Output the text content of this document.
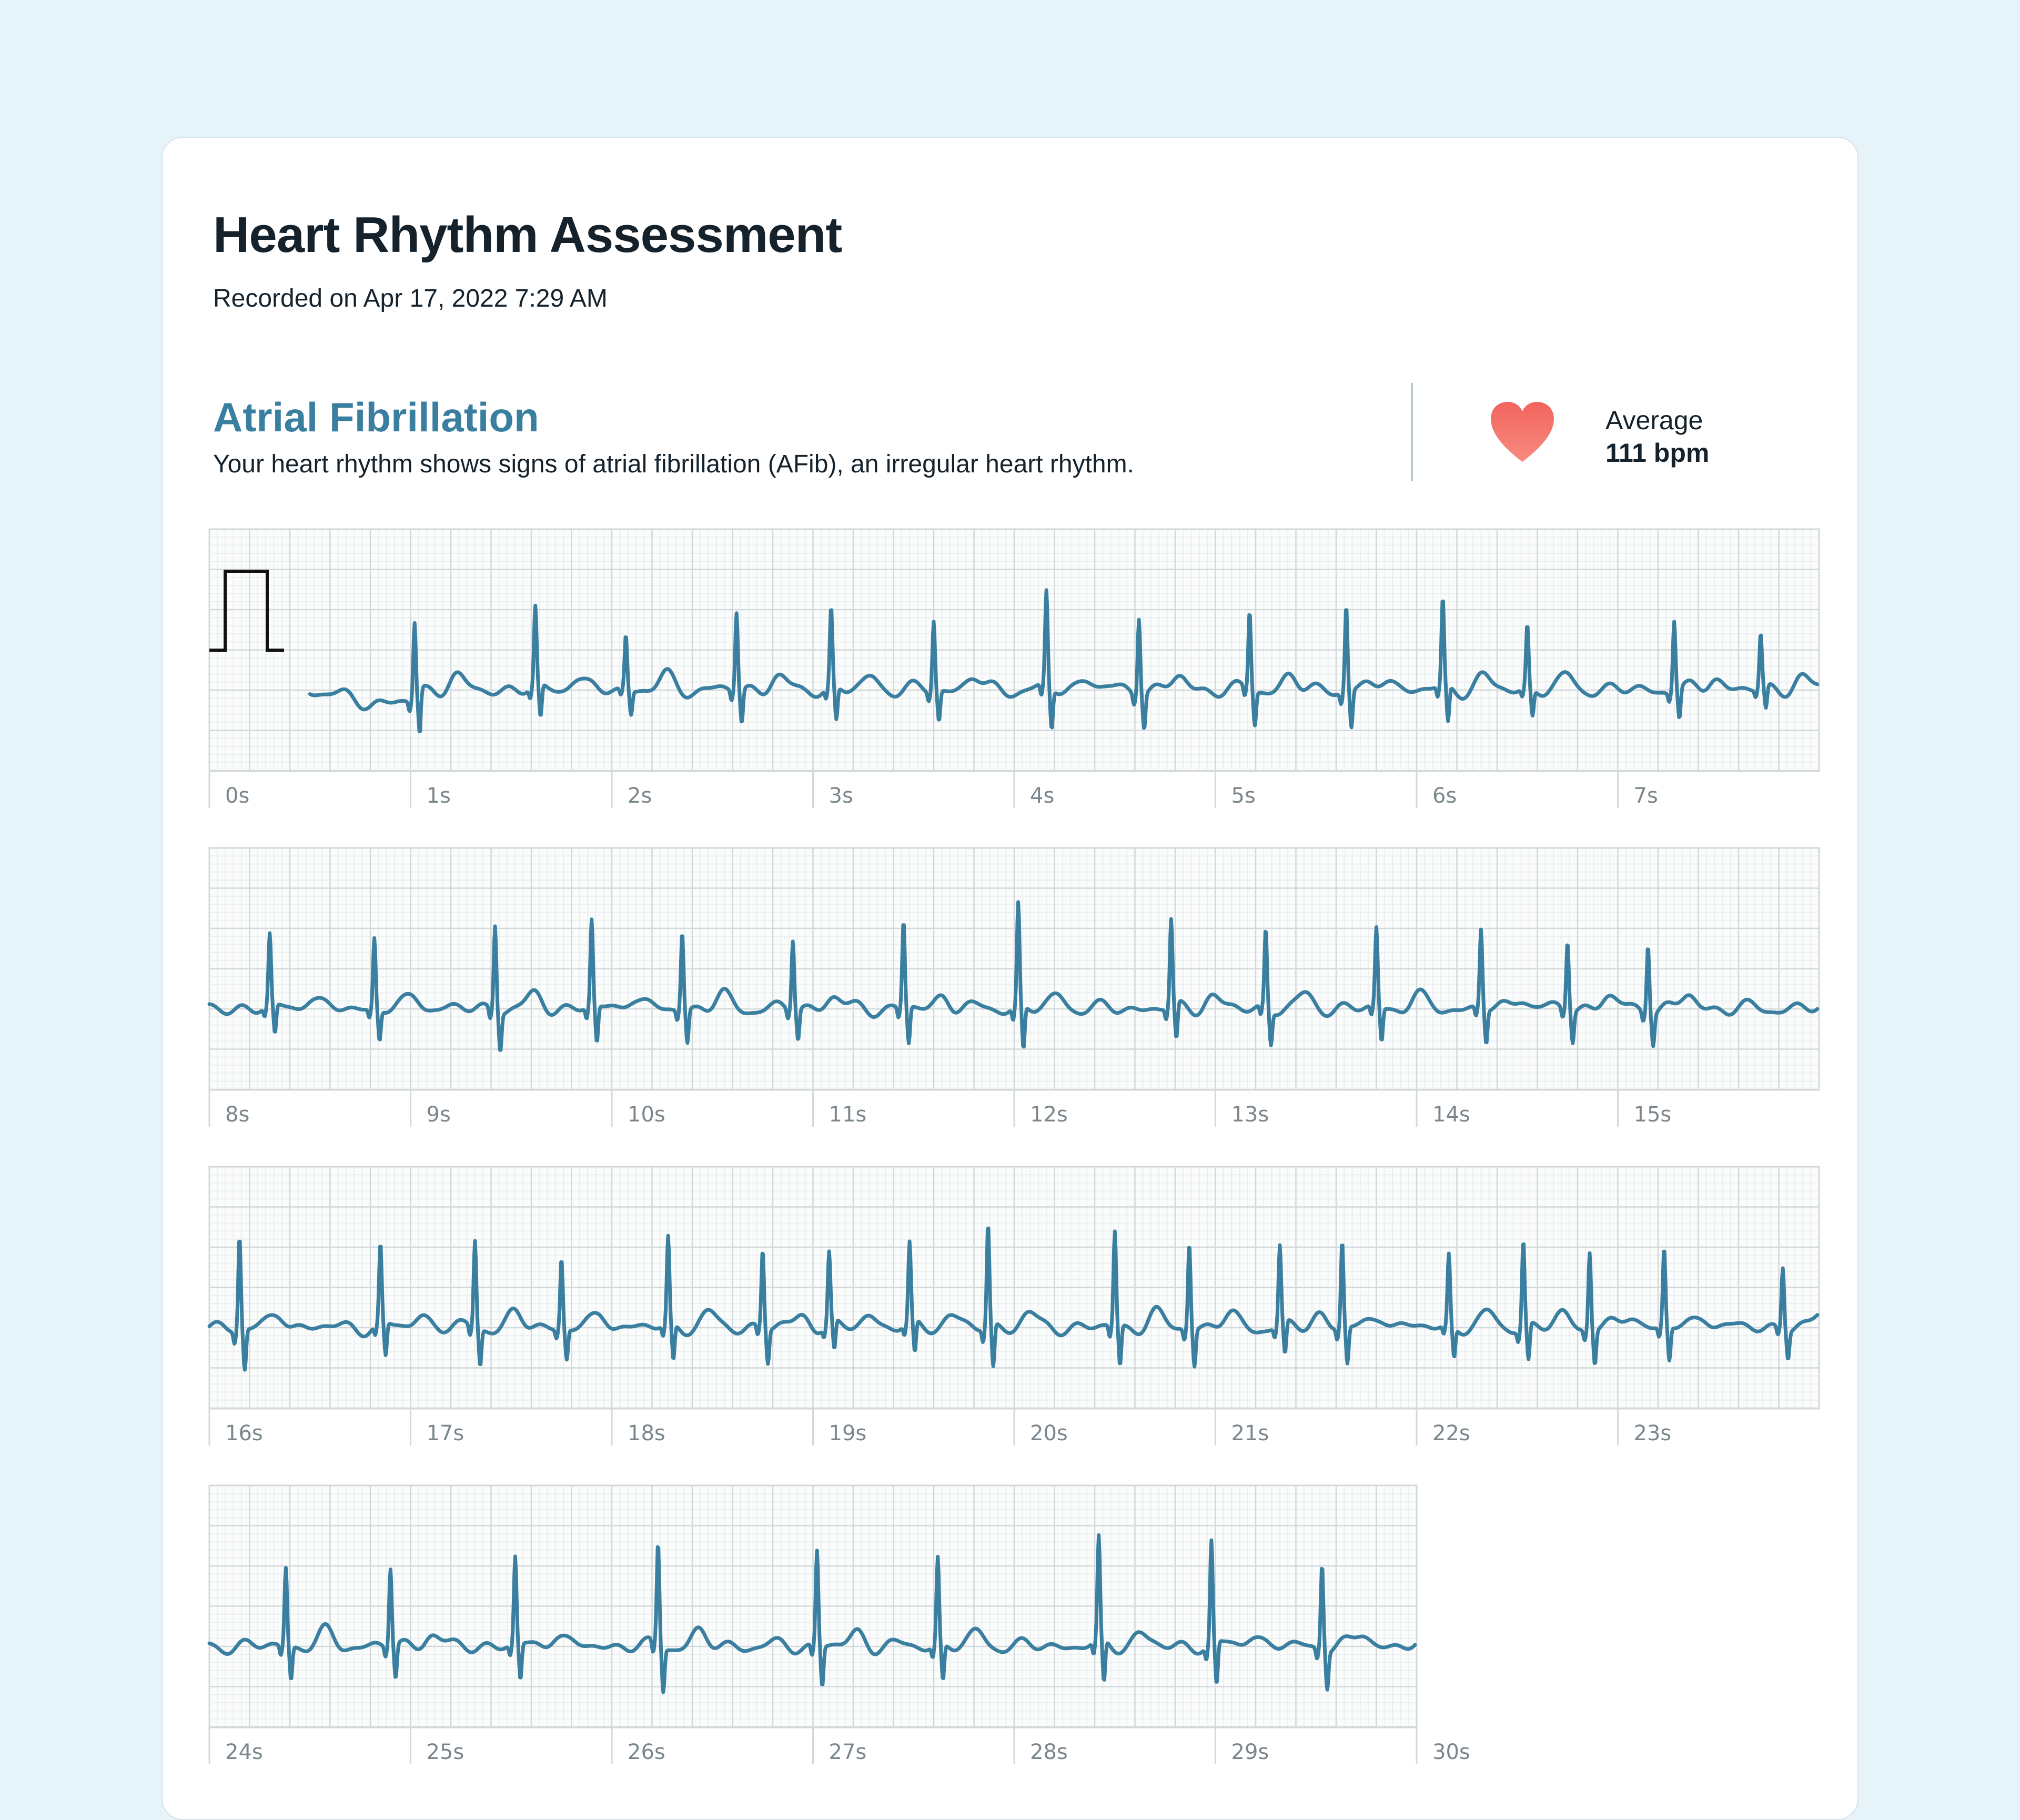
Heart Rhythm Assessment
Recorded on Apr 17, 2022 7:29 AM
Atrial Fibrillation
Your heart rhythm shows signs of atrial fibrillation (AFib), an irregular heart rhythm.
Average
111 bpm
0s	1s	2s	3s	4s	5s	6s	7s
8s	9s	10s	11s	12s	13s	14s	15s
16s	17s	18s	19s	20s	21s	22s	23s
24s	25s	26s	27s	28s	29s	30s
